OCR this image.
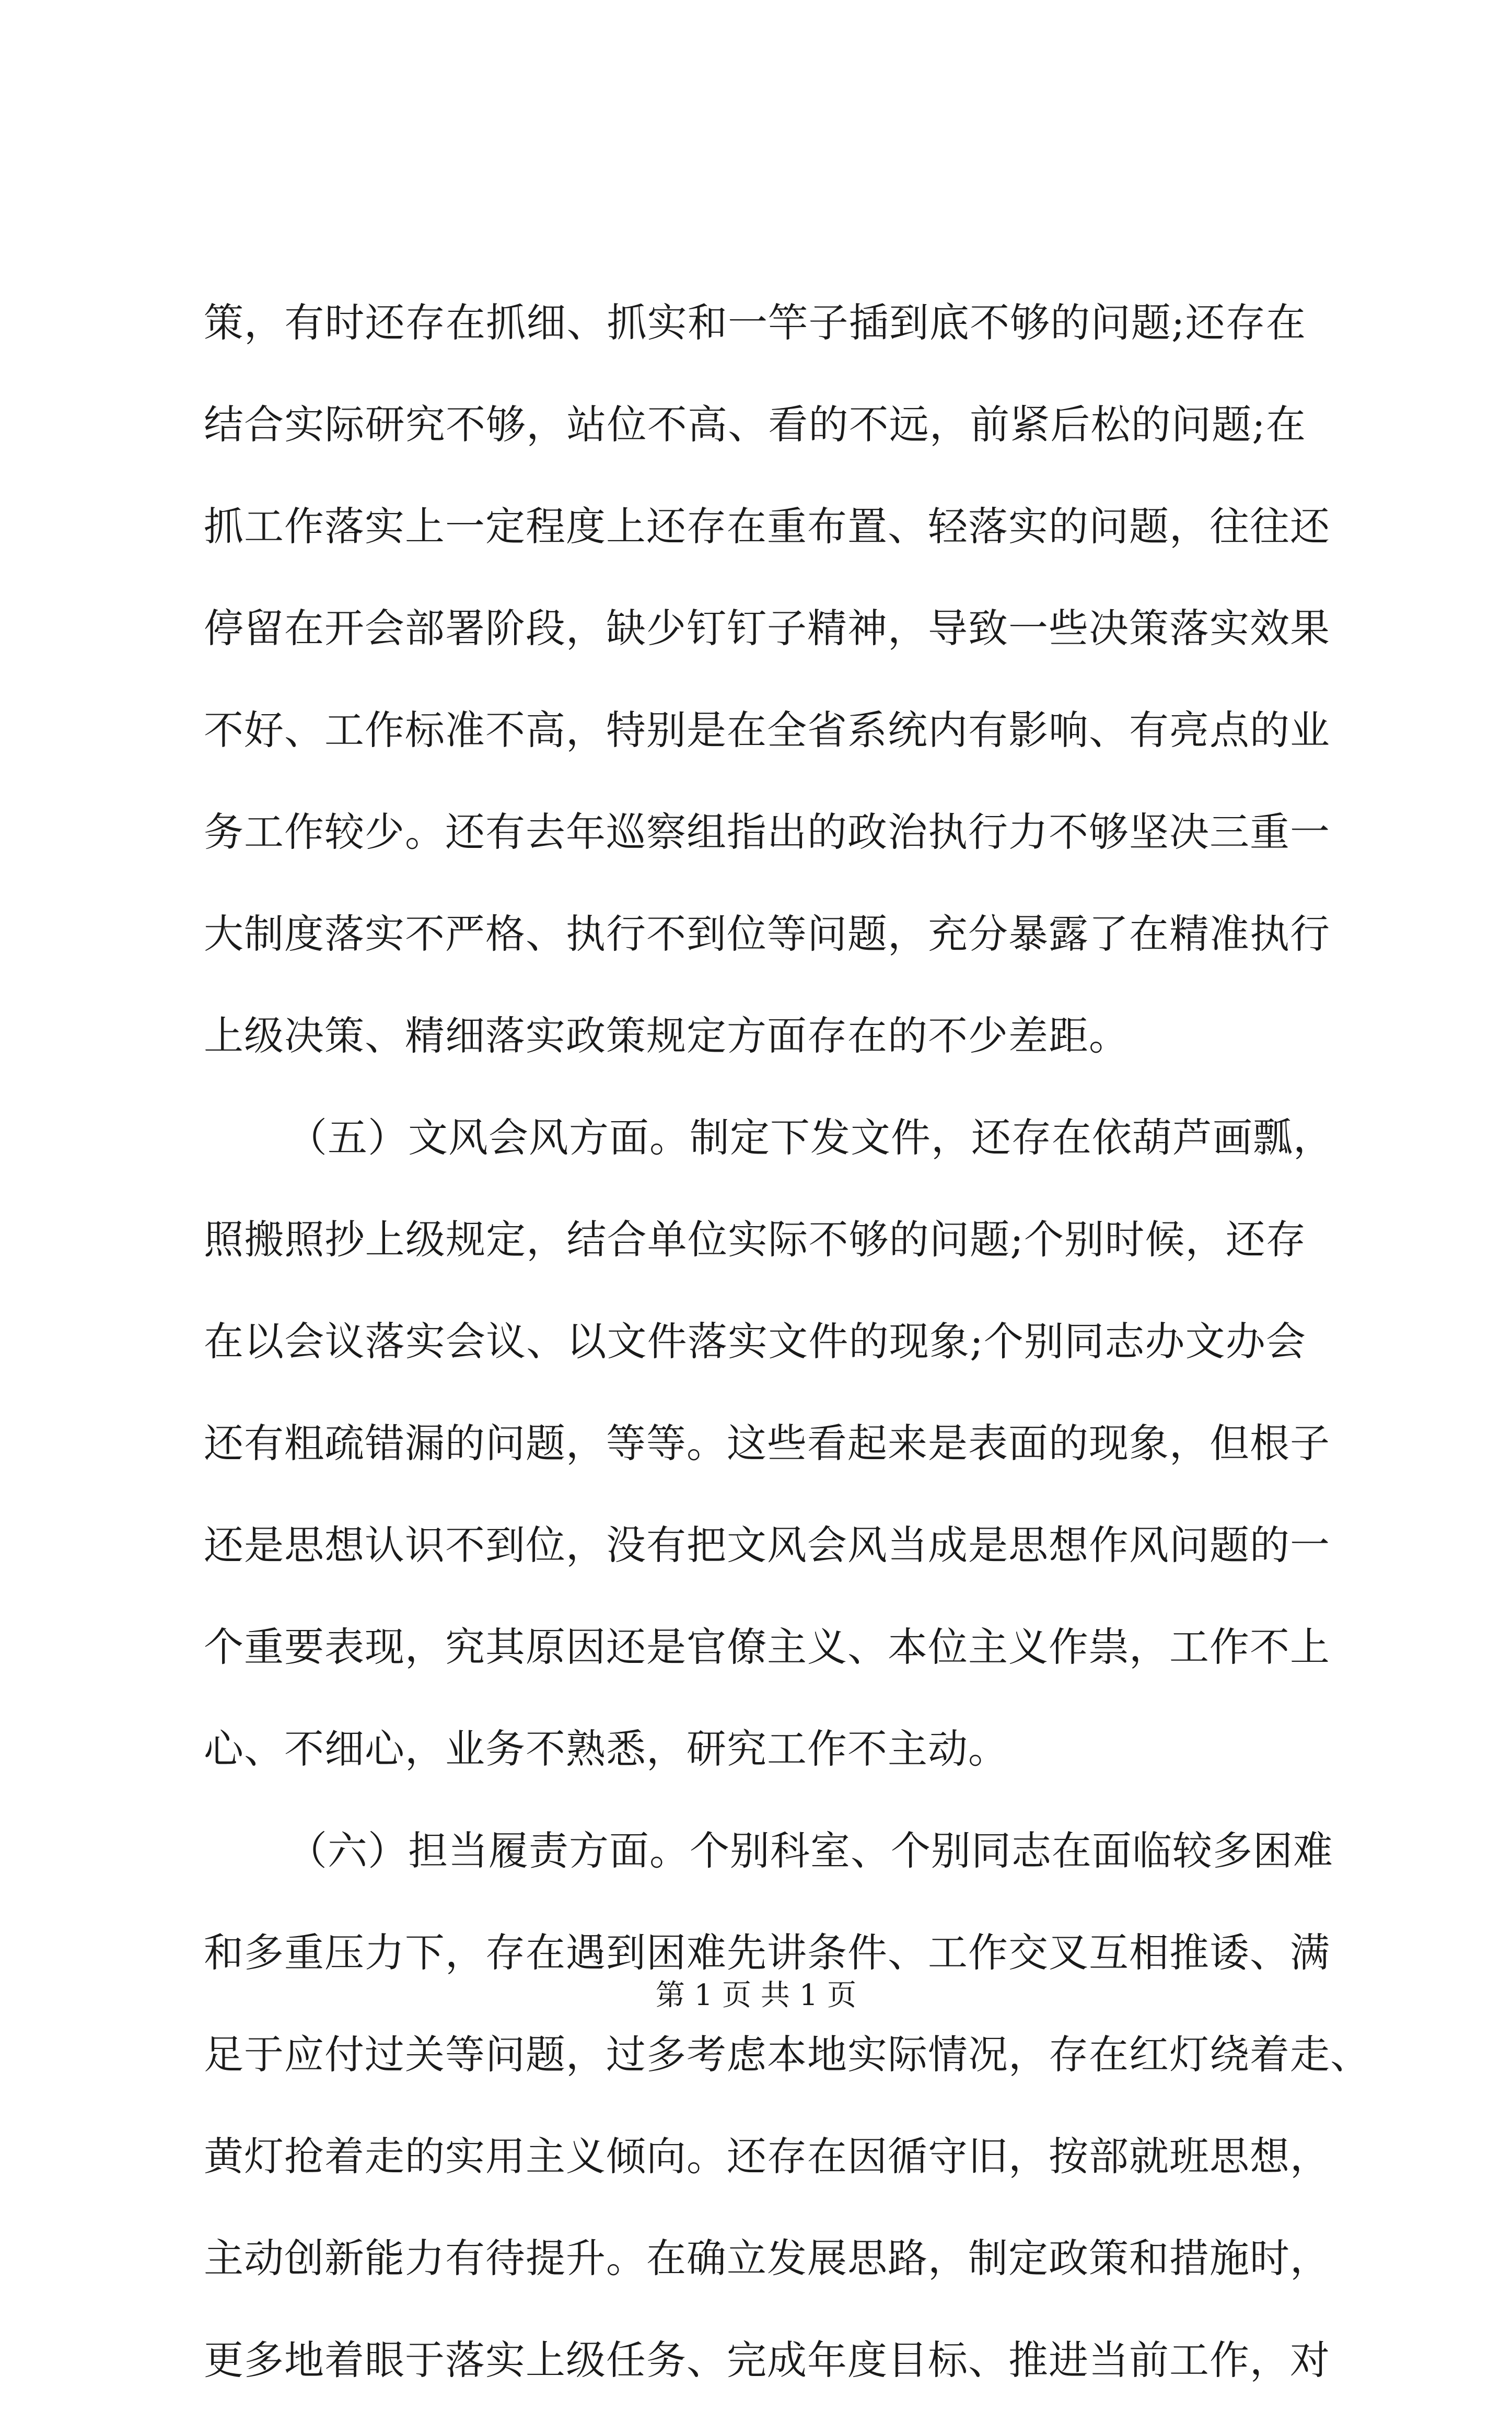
策，有时还存在抓细、抓实和一竿子插到底不够的问题;还存在
结合实际研究不够，站位不高、看的不远，前紧后松的问题;在
抓工作落实上一定程度上还存在重布置、轻落实的问题，往往还
停留在开会部署阶段，缺少钉钉子精神，导致一些决策落实效果
不好、工作标准不高，特别是在全省系统内有影响、有亮点的业
务工作较少。还有去年巡察组指出的政治执行力不够坚决三重一
大制度落实不严格、执行不到位等问题，充分暴露了在精准执行
上级决策、精细落实政策规定方面存在的不少差距。
（五）文风会风方面。制定下发文件，还存在依葫芦画瓢，
照搬照抄上级规定，结合单位实际不够的问题;个别时候，还存
在以会议落实会议、以文件落实文件的现象;个别同志办文办会
还有粗疏错漏的问题，等等。这些看起来是表面的现象，但根子
还是思想认识不到位，没有把文风会风当成是思想作风问题的一
个重要表现，究其原因还是官僚主义、本位主义作祟，工作不上
心、不细心，业务不熟悉，研究工作不主动。
（六）担当履责方面。个别科室、个别同志在面临较多困难
和多重压力下，存在遇到困难先讲条件、工作交叉互相推诿、满
足于应付过关等问题，过多考虑本地实际情况，存在红灯绕着走、
黄灯抢着走的实用主义倾向。还存在因循守旧，按部就班思想，
主动创新能力有待提升。在确立发展思路，制定政策和措施时，
更多地着眼于落实上级任务、完成年度目标、推进当前工作，对
第 1 页 共 1 页
